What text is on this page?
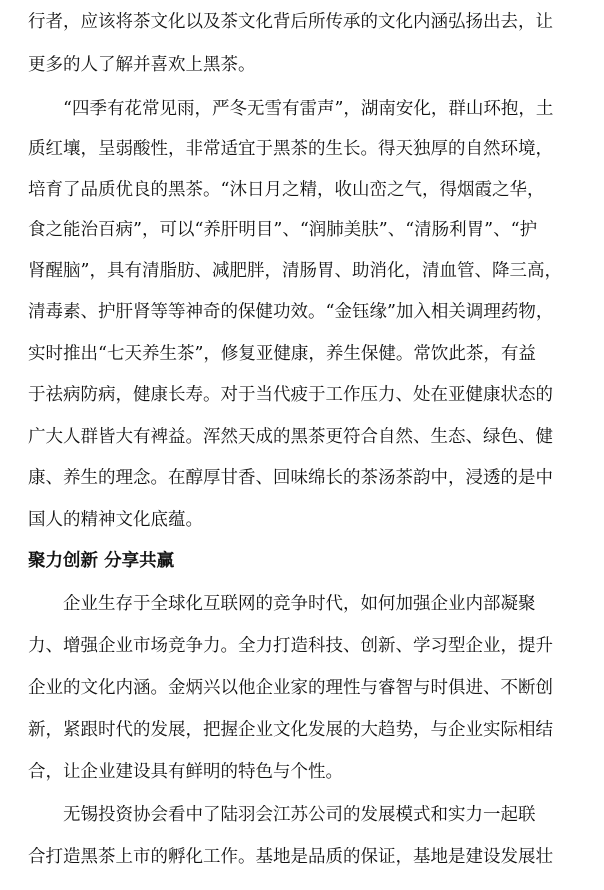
行者，应该将茶文化以及茶文化背后所传承的文化内涵弘扬出去，让
更多的人了解并喜欢上黑茶。
“四季有花常见雨，严冬无雪有雷声”，湖南安化，群山环抱，土
质红壤，呈弱酸性，非常适宜于黑茶的生长。得天独厚的自然环境，
培育了品质优良的黑茶。“沐日月之精，收山峦之气，得烟霞之华，
食之能治百病”，可以“养肝明目”、“润肺美肤”、“清肠利胃”、“护
肾醒脑”，具有清脂肪、减肥胖，清肠胃、助消化，清血管、降三高，
清毒素、护肝肾等等神奇的保健功效。“金钰缘”加入相关调理药物，
实时推出“七天养生茶”，修复亚健康，养生保健。常饮此茶，有益
于祛病防病，健康长寿。对于当代疲于工作压力、处在亚健康状态的
广大人群皆大有裨益。浑然天成的黑茶更符合自然、生态、绿色、健
康、养生的理念。在醇厚甘香、回味绵长的茶汤茶韵中，浸透的是中
国人的精神文化底蕴。
聚力创新 分享共赢
企业生存于全球化互联网的竞争时代，如何加强企业内部凝聚
力、增强企业市场竞争力。全力打造科技、创新、学习型企业，提升
企业的文化内涵。金炳兴以他企业家的理性与睿智与时俱进、不断创
新，紧跟时代的发展，把握企业文化发展的大趋势，与企业实际相结
合，让企业建设具有鲜明的特色与个性。
无锡投资协会看中了陆羽会江苏公司的发展模式和实力一起联
合打造黑茶上市的孵化工作。基地是品质的保证，基地是建设发展壮
